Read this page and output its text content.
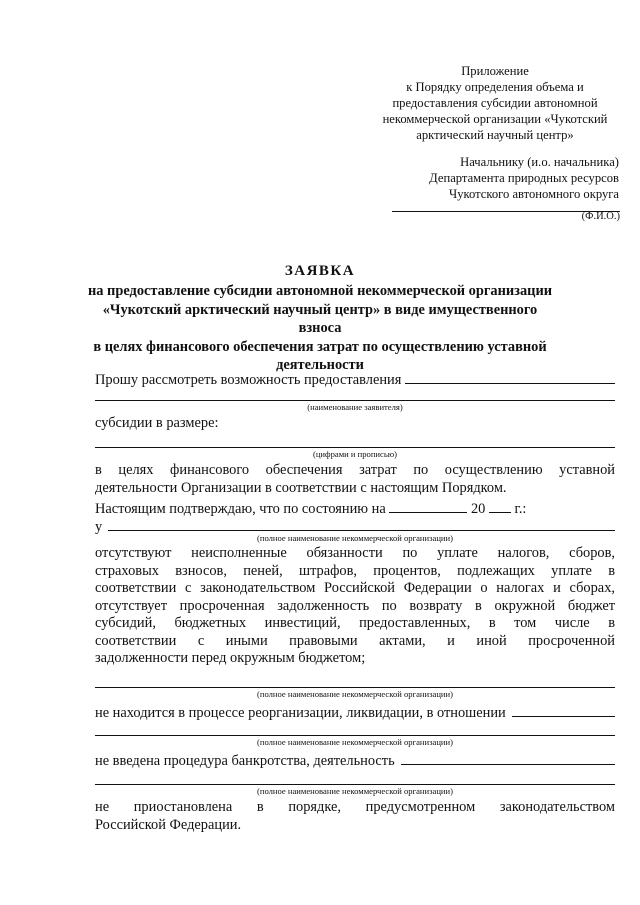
Приложение
к Порядку определения объема и
предоставления субсидии автономной
некоммерческой организации «Чукотский
арктический научный центр»
Начальнику (и.о. начальника)
Департамента природных ресурсов
Чукотского автономного округа
(Ф.И.О.)
ЗАЯВКА
на предоставление субсидии автономной некоммерческой организации
«Чукотский арктический научный центр» в виде имущественного взноса
в целях финансового обеспечения затрат по осуществлению уставной
деятельности
Прошу рассмотреть возможность предоставления
(наименование заявителя)
субсидии в размере:
(цифрами и прописью)
в целях финансового обеспечения затрат по осуществлению уставной
деятельности Организации в соответствии с настоящим Порядком.
Настоящим подтверждаю, что по состоянию на	20 г.:
у
(полное наименование некоммерческой организации)
отсутствуют неисполненные обязанности по уплате налогов, сборов,
страховых взносов, пеней, штрафов, процентов, подлежащих уплате в
соответствии с законодательством Российской Федерации о налогах и сборах,
отсутствует просроченная задолженность по возврату в окружной бюджет
субсидий, бюджетных инвестиций, предоставленных, в том числе в
соответствии с иными правовыми актами, и иной просроченной
задолженности перед окружным бюджетом;
(полное наименование некоммерческой организации)
не находится в процессе реорганизации, ликвидации, в отношении
(полное наименование некоммерческой организации)
не введена процедура банкротства, деятельность
(полное наименование некоммерческой организации)
не приостановлена в порядке, предусмотренном законодательством
Российской Федерации.
